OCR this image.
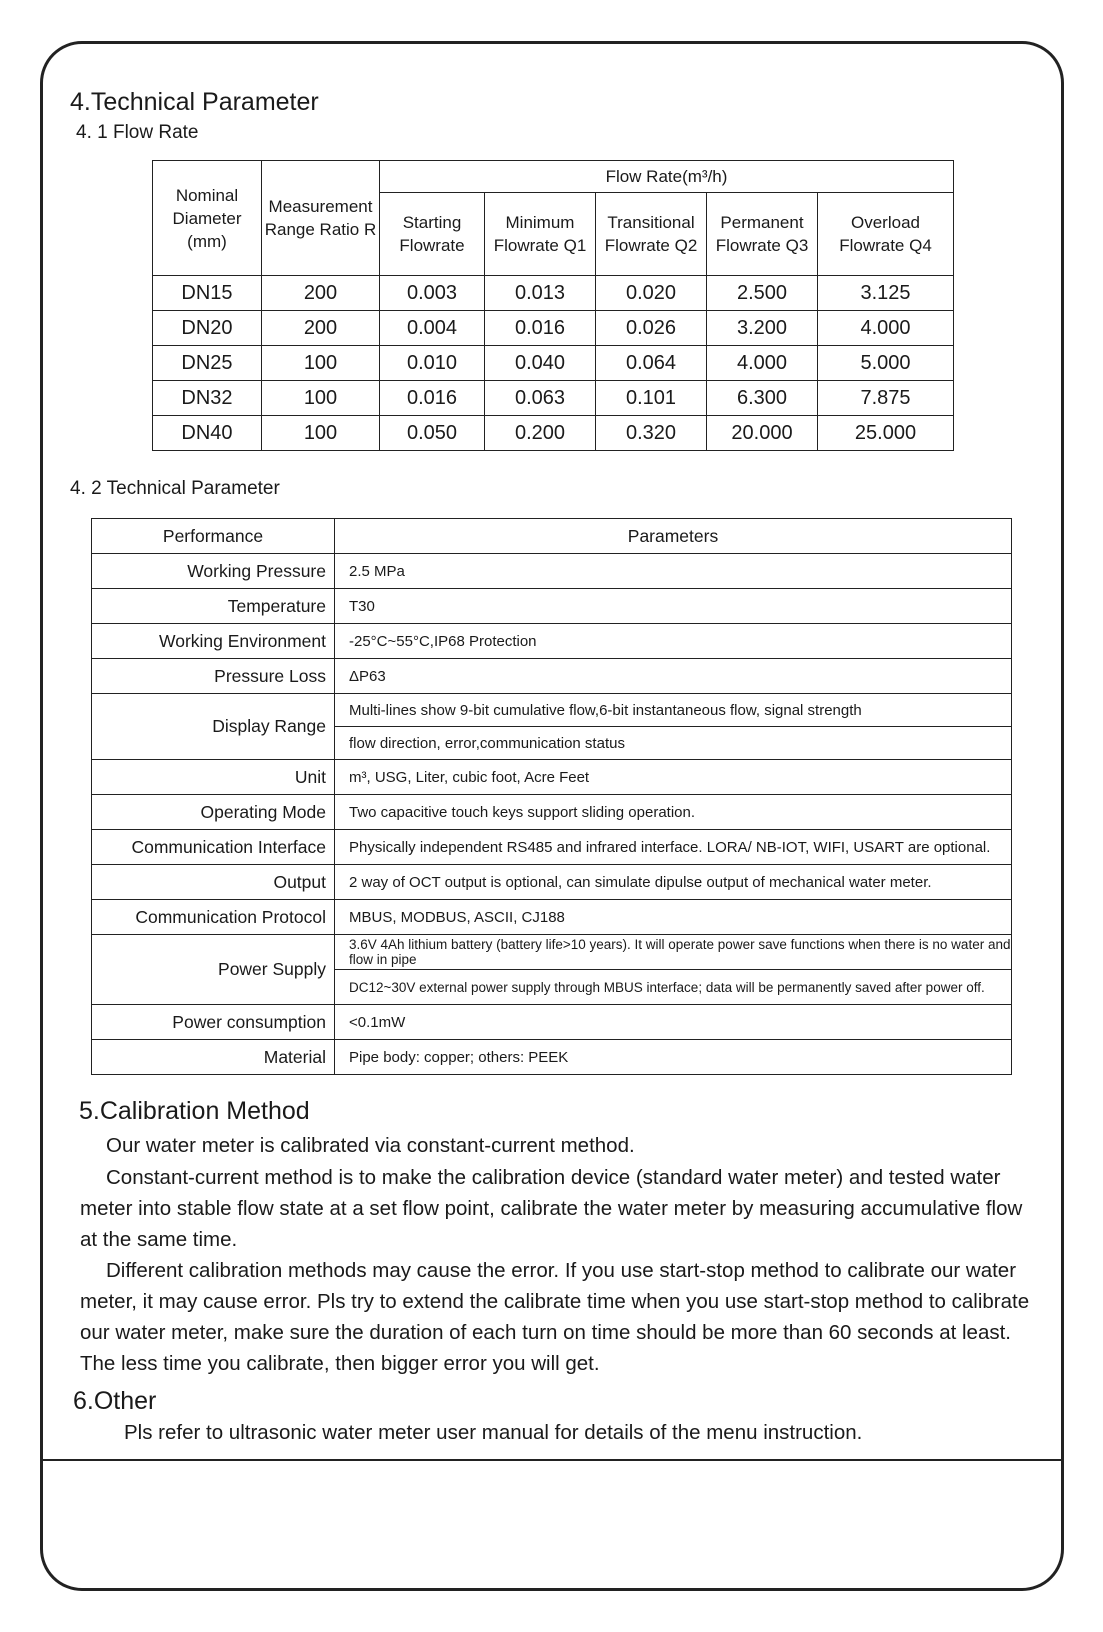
4.Technical Parameter
4. 1 Flow Rate
Nominal Diameter (mm)	Measurement Range Ratio R	Flow Rate(m³/h)				
		Starting Flowrate	Minimum Flowrate Q1	Transitional Flowrate Q2	Permanent Flowrate Q3	Overload Flowrate Q4
DN15	200	0.003	0.013	0.020	2.500	3.125
DN20	200	0.004	0.016	0.026	3.200	4.000
DN25	100	0.010	0.040	0.064	4.000	5.000
DN32	100	0.016	0.063	0.101	6.300	7.875
DN40	100	0.050	0.200	0.320	20.000	25.000
4. 2 Technical Parameter
Performance	Parameters
Working Pressure	2.5 MPa
Temperature	T30
Working Environment	-25°C~55°C,IP68 Protection
Pressure Loss	ΔP63
Display Range	Multi-lines show 9-bit cumulative flow,6-bit instantaneous flow, signal strength
	flow direction, error,communication status
Unit	m³, USG, Liter, cubic foot, Acre Feet
Operating Mode	Two capacitive touch keys support sliding operation.
Communication Interface	Physically independent RS485 and infrared interface. LORA/ NB-IOT, WIFI, USART are optional.
Output	2 way of OCT output is optional, can simulate dipulse output of mechanical water meter.
Communication Protocol	MBUS, MODBUS, ASCII, CJ188
Power Supply	3.6V 4Ah lithium battery (battery life>10 years). It will operate power save functions when there is no water and flow in pipe
	DC12~30V external power supply through MBUS interface; data will be permanently saved after power off.
Power consumption	<0.1mW
Material	Pipe body: copper; others: PEEK
5.Calibration Method
Our water meter is calibrated via constant-current method.
Constant-current method is to make the calibration device (standard water meter) and tested water meter into stable flow state at a set flow point, calibrate the water meter by measuring accumulative flow at the same time.
Different calibration methods may cause the error. If you use start-stop method to calibrate our water meter, it may cause error. Pls try to extend the calibrate time when you use start-stop method to calibrate our water meter, make sure the duration of each turn on time should be more than 60 seconds at least. The less time you calibrate, then bigger error you will get.
6.Other
Pls refer to ultrasonic water meter user manual for details of the menu instruction.
